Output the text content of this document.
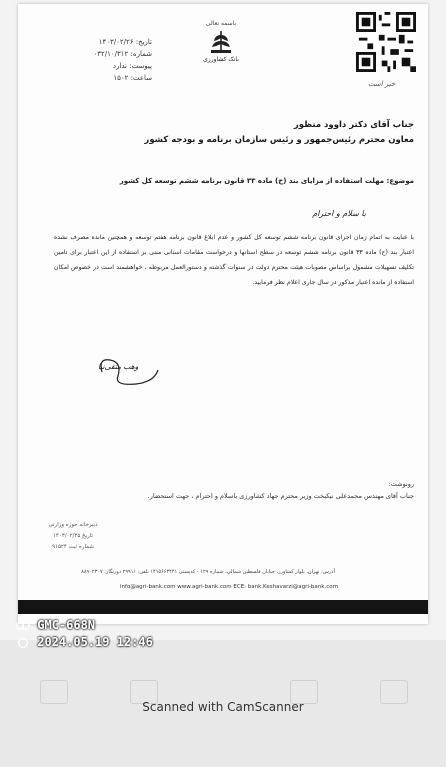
تاریخ: ۱۴۰۳/۰۲/۲۶
شماره: ۰۳۲/۱۰/۳۱۲
پیوست: ندارد
ساعت: ۱۵۰۲
باسمه تعالی
بانک کشاورزی
خبر است
جناب آقای دکتر داوود منظور
معاون محترم رئیس‌جمهور و رئیس سازمان برنامه و بودجه کشور
موضوع: مهلت استفاده از مزایای بند (ح) ماده ۳۳ قانون برنامه ششم توسعه کل کشور
با سلام و احترام
با عنایت به اتمام زمان اجرای قانون برنامه ششم توسعه کل کشور و عدم ابلاغ قانون برنامه هفتم توسعه و همچنین مانده مصرف نشده اعتبار بند (ح) ماده ۳۳ قانون برنامه ششم توسعه در سطح استانها و درخواست مقامات استانی مبنی بر استفاده از این اعتبار برای تامین تکلیف تسهیلات مشمول براساس مصوبات هیئت محترم دولت در سنوات گذشته و دستورالعمل مربوطه ، خواهشمند است در خصوص امکان استفاده از مانده اعتبار مذکور در سال جاری اعلام نظر فرمایید.
وهب متقی‌نیا
رونوشت:
جناب آقای مهندس محمدعلی نیکبخت وزیر محترم جهاد کشاورزی باسلام و احترام ، جهت استحضار.
دبیرخانه حوزه وزارتی
تاریخ ۱۴۰۳/۰۲/۲۵
شماره ثبت ۹۱۵۲۴
آدرس: تهران، بلوار کشاورز، خیابان فلسطین شمالی، شماره ۱۲۹ - کدپستی ۱۴۱۵۶۶۳۴۴۱ تلفن: ۲۹۹۱۱ دورنگار: ۸۸۹۰۲۳۰۷
info@agri-bank.com www.agri-bank.com ECE: bank.Keshavarzi@agri-bank.com
GMC-668N
2024.05.19 12:46
Scanned with CamScanner
